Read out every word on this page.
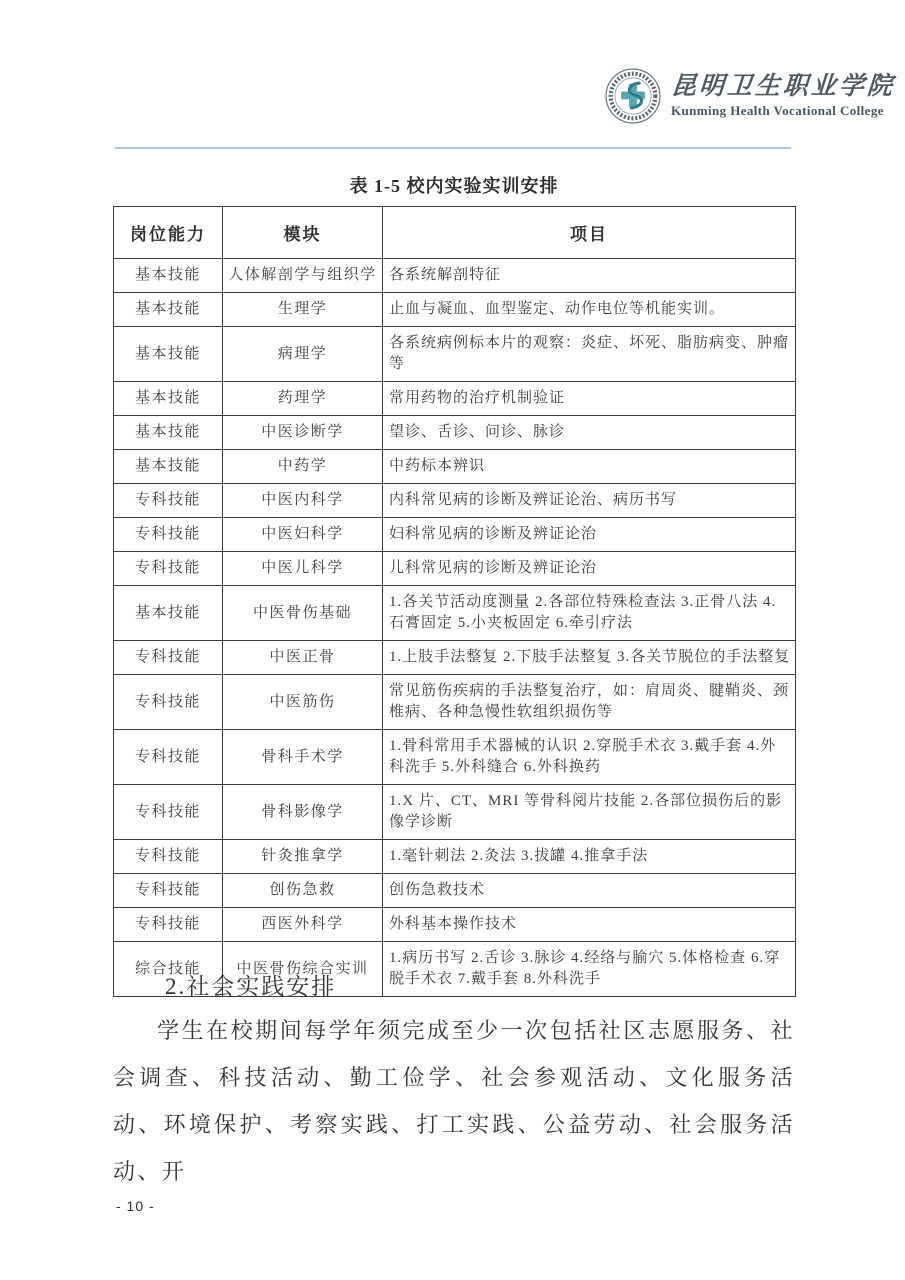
昆明卫生职业学院
Kunming Health Vocational College
表 1-5 校内实验实训安排
岗位能力	模块	项目
基本技能	人体解剖学与组织学	各系统解剖特征
基本技能	生理学	止血与凝血、血型鉴定、动作电位等机能实训。
基本技能	病理学	各系统病例标本片的观察：炎症、坏死、脂肪病变、肿瘤等
基本技能	药理学	常用药物的治疗机制验证
基本技能	中医诊断学	望诊、舌诊、问诊、脉诊
基本技能	中药学	中药标本辨识
专科技能	中医内科学	内科常见病的诊断及辨证论治、病历书写
专科技能	中医妇科学	妇科常见病的诊断及辨证论治
专科技能	中医儿科学	儿科常见病的诊断及辨证论治
基本技能	中医骨伤基础	1.各关节活动度测量 2.各部位特殊检查法 3.正骨八法 4.石膏固定 5.小夹板固定 6.牵引疗法
专科技能	中医正骨	1.上肢手法整复 2.下肢手法整复 3.各关节脱位的手法整复
专科技能	中医筋伤	常见筋伤疾病的手法整复治疗，如：肩周炎、腱鞘炎、颈椎病、各种急慢性软组织损伤等
专科技能	骨科手术学	1.骨科常用手术器械的认识 2.穿脱手术衣 3.戴手套 4.外科洗手 5.外科缝合 6.外科换药
专科技能	骨科影像学	1.X 片、CT、MRI 等骨科阅片技能 2.各部位损伤后的影像学诊断
专科技能	针灸推拿学	1.毫针刺法 2.灸法 3.拔罐 4.推拿手法
专科技能	创伤急救	创伤急救技术
专科技能	西医外科学	外科基本操作技术
综合技能	中医骨伤综合实训	1.病历书写 2.舌诊 3.脉诊 4.经络与腧穴 5.体格检查 6.穿脱手术衣 7.戴手套 8.外科洗手

2.社会实践安排

学生在校期间每学年须完成至少一次包括社区志愿服务、社会调查、科技活动、勤工俭学、社会参观活动、文化服务活动、环境保护、考察实践、打工实践、公益劳动、社会服务活动、开

- 10 -
